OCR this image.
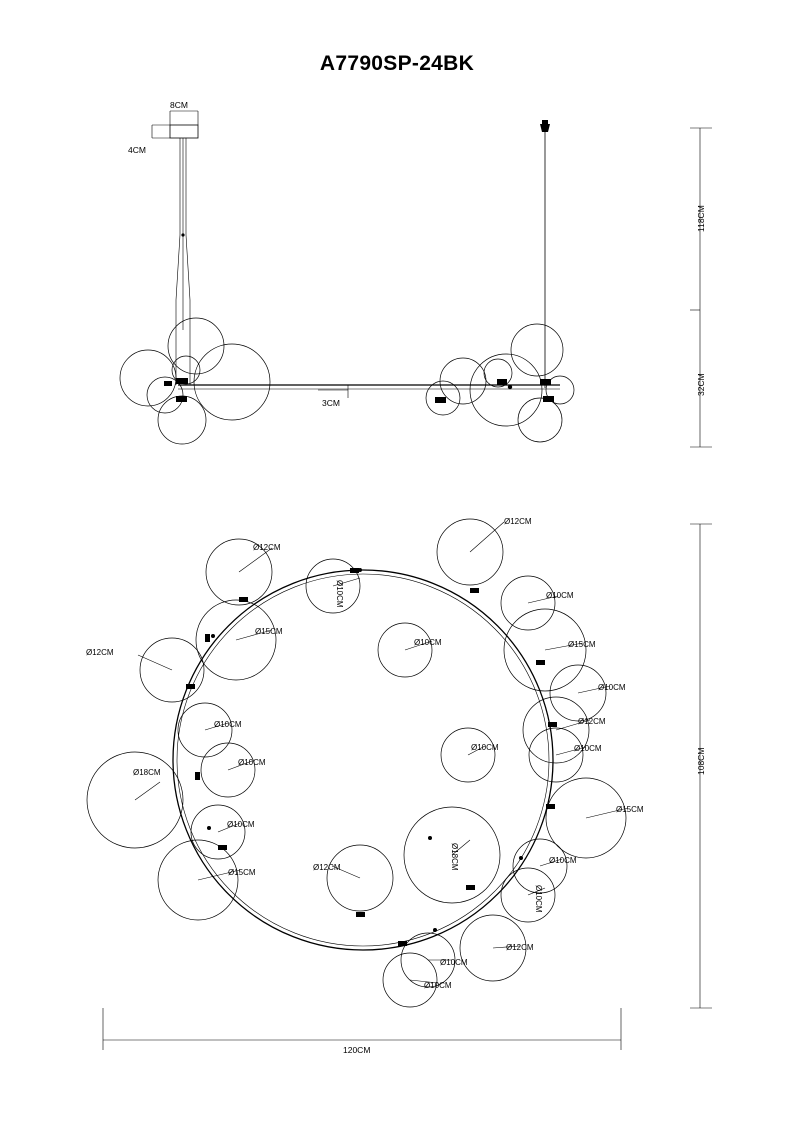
A7790SP-24BK
8CM
4CM
3CM
118CM
32CM
120CM
108CM
Ø12CM
Ø12CM
Ø10CM
Ø10CM
Ø15CM
Ø10CM	Ø15CM
Ø12CM
Ø10CM
Ø10CM	Ø12CM
Ø10CM	Ø10CM
Ø10CM
Ø18CM
Ø15CM
Ø10CM
Ø18CM	Ø10CM
Ø12CM
Ø15CM
Ø10CM
Ø12CM
Ø10CM
Ø10CM
